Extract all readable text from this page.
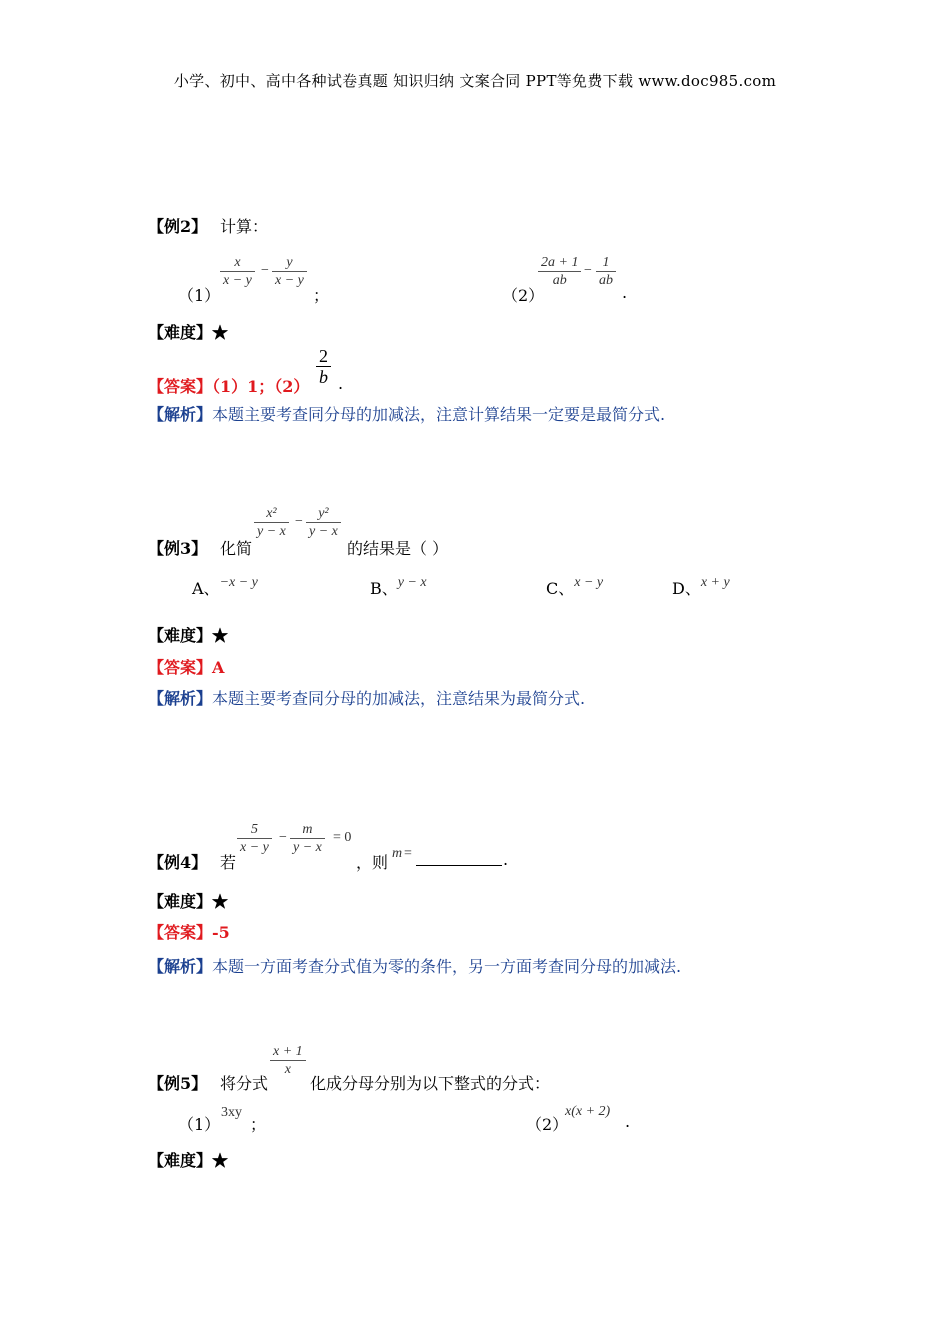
小学、初中、高中各种试卷真题 知识归纳 文案合同 PPT等免费下载 www.doc985.com
【例2】 计算：
（1）
x
x − y
−
y
x − y
；	（2）
2a + 1
ab
−
1
ab
.
【难度】★
【答案】（1）1；（2）
2
b .
【解析】本题主要考查同分母的加减法，注意计算结果一定要是最简分式.
【例3】 化简
x²
y − x
−
y²
y − x
的结果是（ ）
A、−x − y	B、y − x	C、x − y	D、x + y
【难度】★
【答案】A
【解析】本题主要考查同分母的加减法，注意结果为最简分式.
【例4】 若
5
x − y
−
m
y − x
= 0
，则 m =	.
【难度】★
【答案】-5
【解析】本题一方面考查分式值为零的条件，另一方面考查同分母的加减法.
【例5】 将分式
x + 1
x
化成分母分别为以下整式的分式：
（1）
3xy
；	（2）
x(x + 2)
.
【难度】★
